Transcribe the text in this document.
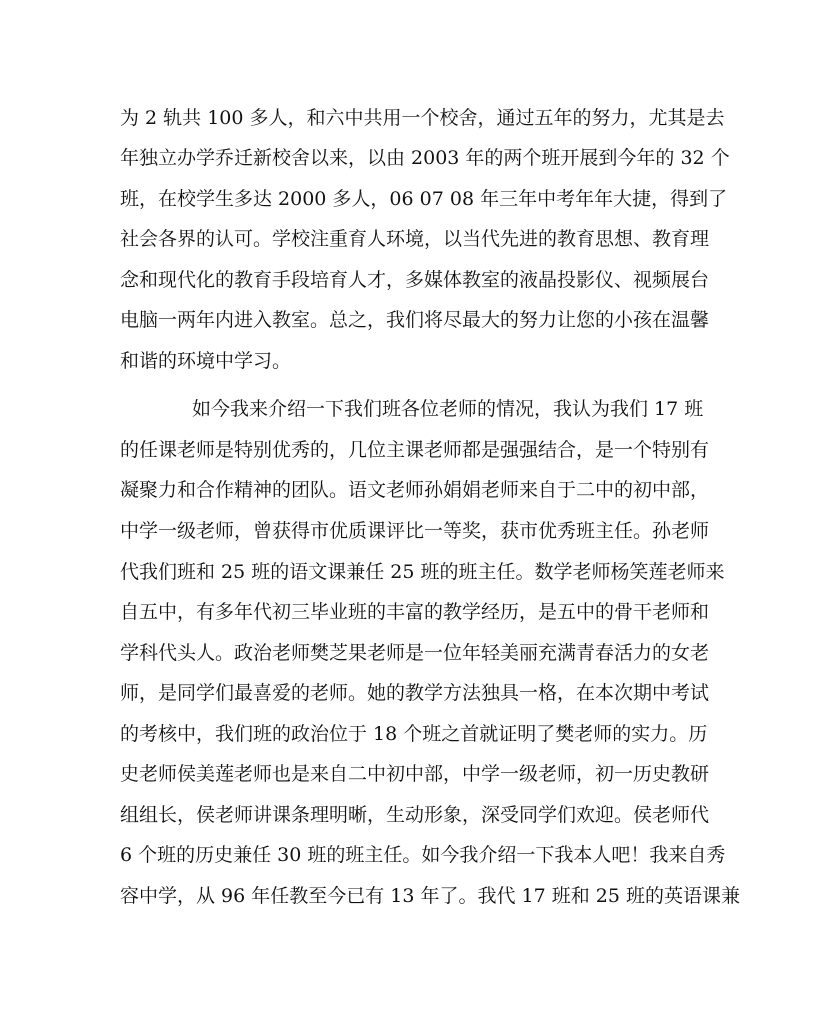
为 2 轨共 100 多人，和六中共用一个校舍，通过五年的努力，尤其是去
年独立办学乔迁新校舍以来，以由 2003 年的两个班开展到今年的 32 个
班，在校学生多达 2000 多人，06 07 08 年三年中考年年大捷，得到了
社会各界的认可。学校注重育人环境，以当代先进的教育思想、教育理
念和现代化的教育手段培育人才，多媒体教室的液晶投影仪、视频展台
电脑一两年内进入教室。总之，我们将尽最大的努力让您的小孩在温馨
和谐的环境中学习。
如今我来介绍一下我们班各位老师的情况，我认为我们 17 班
的任课老师是特别优秀的，几位主课老师都是强强结合，是一个特别有
凝聚力和合作精神的团队。语文老师孙娟娟老师来自于二中的初中部，
中学一级老师，曾获得市优质课评比一等奖，获市优秀班主任。孙老师
代我们班和 25 班的语文课兼任 25 班的班主任。数学老师杨笑莲老师来
自五中，有多年代初三毕业班的丰富的教学经历，是五中的骨干老师和
学科代头人。政治老师樊芝果老师是一位年轻美丽充满青春活力的女老
师，是同学们最喜爱的老师。她的教学方法独具一格，在本次期中考试
的考核中，我们班的政治位于 18 个班之首就证明了樊老师的实力。历
史老师侯美莲老师也是来自二中初中部，中学一级老师，初一历史教研
组组长，侯老师讲课条理明晰，生动形象，深受同学们欢迎。侯老师代
6 个班的历史兼任 30 班的班主任。如今我介绍一下我本人吧！我来自秀
容中学，从 96 年任教至今已有 13 年了。我代 17 班和 25 班的英语课兼
